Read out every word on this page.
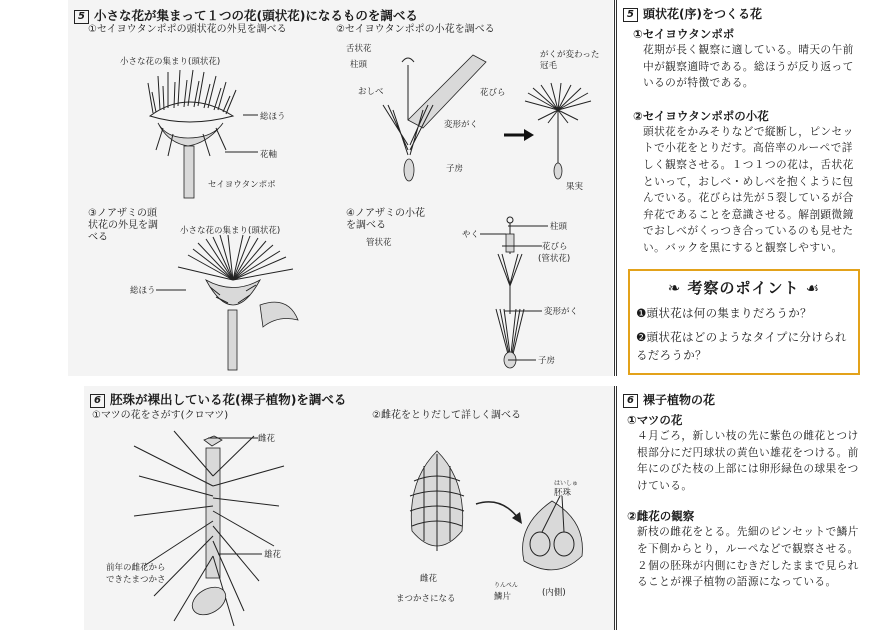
5 小さな花が集まって１つの花(頭状花)になるものを調べる
①セイヨウタンポポの頭状花の外見を調べる
小さな花の集まり(頭状花)
総ほう
花軸
セイヨウタンポポ
②セイヨウタンポポの小花を調べる
舌状花
柱頭
おしべ	花びら
変形がく
子房
がくが変わった冠毛
果実
③ノアザミの頭状花の外見を調べる
小さな花の集まり(頭状花)
総ほう
④ノアザミの小花を調べる
管状花
やく
柱頭
花びら
(管状花)
変形がく
子房
5 頭状花(序)をつくる花
①セイヨウタンポポ
花期が長く観察に適している。晴天の午前中が観察適時である。総ほうが反り返っているのが特徴である。
②セイヨウタンポポの小花
頭状花をかみそりなどで縦断し，ピンセットで小花をとりだす。高倍率のルーペで詳しく観察させる。１つ１つの花は，舌状花といって，おしべ・めしべを抱くように包んでいる。花びらは先が５裂しているが合弁花であることを意識させる。解剖顕微鏡でおしべがくっつき合っているのも見せたい。バックを黒にすると観察しやすい。
❧ 考察のポイント ☙
❶頭状花は何の集まりだろうか？
❷頭状花はどのようなタイプに分けられるだろうか？
6 胚珠が裸出している花(裸子植物)を調べる
①マツの花をさがす(クロマツ)
雌花
雄花
前年の雌花からできたまつかさ
②雌花をとりだして詳しく調べる
雌花
まつかさになる
はいしゅ
胚珠
りんぺん
鱗片	(内側)
6 裸子植物の花
①マツの花
４月ごろ，新しい枝の先に紫色の雌花とつけ根部分にだ円球状の黄色い雄花をつける。前年にのびた枝の上部には卵形緑色の球果をつけている。
②雌花の観察
新枝の雌花をとる。先細のピンセットで鱗片を下側からとり，ルーペなどで観察させる。２個の胚珠が内側にむきだしたままで見られることが裸子植物の語源になっている。
